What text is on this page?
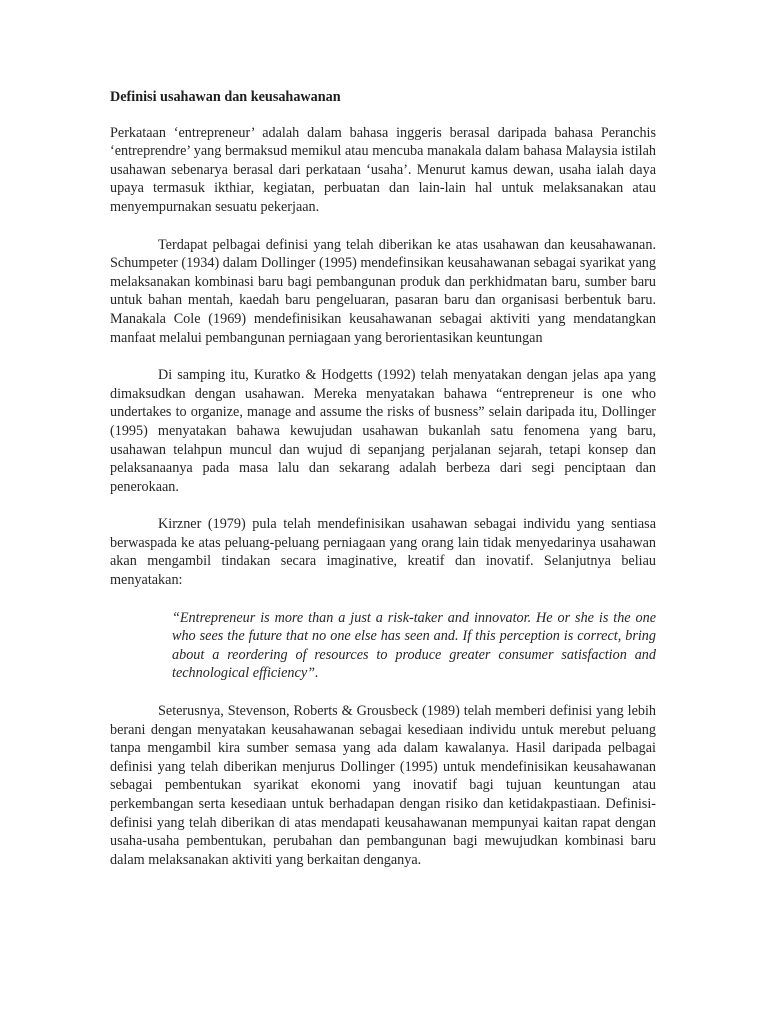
Definisi usahawan dan keusahawanan

Perkataan ‘entrepreneur’ adalah dalam bahasa inggeris berasal daripada bahasa Peranchis ‘entreprendre’ yang bermaksud memikul atau mencuba manakala dalam bahasa Malaysia istilah usahawan sebenarya berasal dari perkataan ‘usaha’. Menurut kamus dewan, usaha ialah daya upaya termasuk ikthiar, kegiatan, perbuatan dan lain-lain hal untuk melaksanakan atau menyempurnakan sesuatu pekerjaan.

Terdapat pelbagai definisi yang telah diberikan ke atas usahawan dan keusahawanan. Schumpeter (1934) dalam Dollinger (1995) mendefinsikan keusahawanan sebagai syarikat yang melaksanakan kombinasi baru bagi pembangunan produk dan perkhidmatan baru, sumber baru untuk bahan mentah, kaedah baru pengeluaran, pasaran baru dan organisasi berbentuk baru. Manakala Cole (1969) mendefinisikan keusahawanan sebagai aktiviti yang mendatangkan manfaat melalui pembangunan perniagaan yang berorientasikan keuntungan

Di samping itu, Kuratko & Hodgetts (1992) telah menyatakan dengan jelas apa yang dimaksudkan dengan usahawan. Mereka menyatakan bahawa “entrepreneur is one who undertakes to organize, manage and assume the risks of busness” selain daripada itu, Dollinger (1995) menyatakan bahawa kewujudan usahawan bukanlah satu fenomena yang baru, usahawan telahpun muncul dan wujud di sepanjang perjalanan sejarah, tetapi konsep dan pelaksanaanya pada masa lalu dan sekarang adalah berbeza dari segi penciptaan dan penerokaan.

Kirzner (1979) pula telah mendefinisikan usahawan sebagai individu yang sentiasa berwaspada ke atas peluang-peluang perniagaan yang orang lain tidak menyedarinya usahawan akan mengambil tindakan secara imaginative, kreatif dan inovatif. Selanjutnya beliau menyatakan:

“Entrepreneur is more than a just a risk-taker and innovator. He or she is the one who sees the future that no one else has seen and. If this perception is correct, bring about a reordering of resources to produce greater consumer satisfaction and technological efficiency”.

Seterusnya, Stevenson, Roberts & Grousbeck (1989) telah memberi definisi yang lebih berani dengan menyatakan keusahawanan sebagai kesediaan individu untuk merebut peluang tanpa mengambil kira sumber semasa yang ada dalam kawalanya. Hasil daripada pelbagai definisi yang telah diberikan menjurus Dollinger (1995) untuk mendefinisikan keusahawanan sebagai pembentukan syarikat ekonomi yang inovatif bagi tujuan keuntungan atau perkembangan serta kesediaan untuk berhadapan dengan risiko dan ketidakpastiaan. Definisi-definisi yang telah diberikan di atas mendapati keusahawanan mempunyai kaitan rapat dengan usaha-usaha pembentukan, perubahan dan pembangunan bagi mewujudkan kombinasi baru dalam melaksanakan aktiviti yang berkaitan denganya.
